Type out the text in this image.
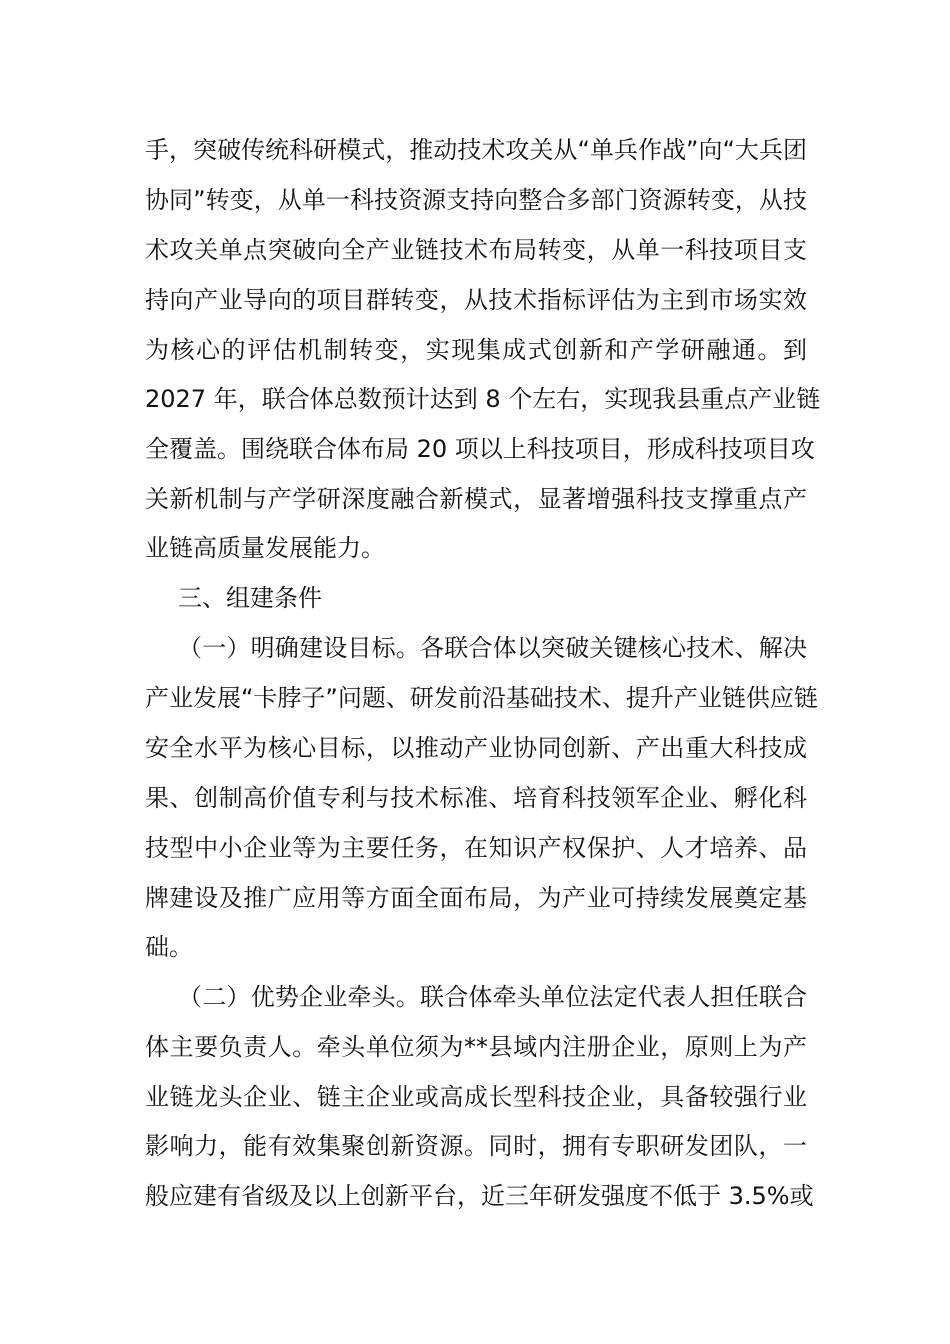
手，突破传统科研模式，推动技术攻关从“单兵作战”向“大兵团
协同”转变，从单一科技资源支持向整合多部门资源转变，从技
术攻关单点突破向全产业链技术布局转变，从单一科技项目支
持向产业导向的项目群转变，从技术指标评估为主到市场实效
为核心的评估机制转变，实现集成式创新和产学研融通。到
2027 年，联合体总数预计达到 8 个左右，实现我县重点产业链
全覆盖。围绕联合体布局 20 项以上科技项目，形成科技项目攻
关新机制与产学研深度融合新模式，显著增强科技支撑重点产
业链高质量发展能力。
三、组建条件
（一）明确建设目标。各联合体以突破关键核心技术、解决
产业发展“卡脖子”问题、研发前沿基础技术、提升产业链供应链
安全水平为核心目标，以推动产业协同创新、产出重大科技成
果、创制高价值专利与技术标准、培育科技领军企业、孵化科
技型中小企业等为主要任务，在知识产权保护、人才培养、品
牌建设及推广应用等方面全面布局，为产业可持续发展奠定基
础。
（二）优势企业牵头。联合体牵头单位法定代表人担任联合
体主要负责人。牵头单位须为**县域内注册企业，原则上为产
业链龙头企业、链主企业或高成长型科技企业，具备较强行业
影响力，能有效集聚创新资源。同时，拥有专职研发团队，一
般应建有省级及以上创新平台，近三年研发强度不低于 3.5%或
